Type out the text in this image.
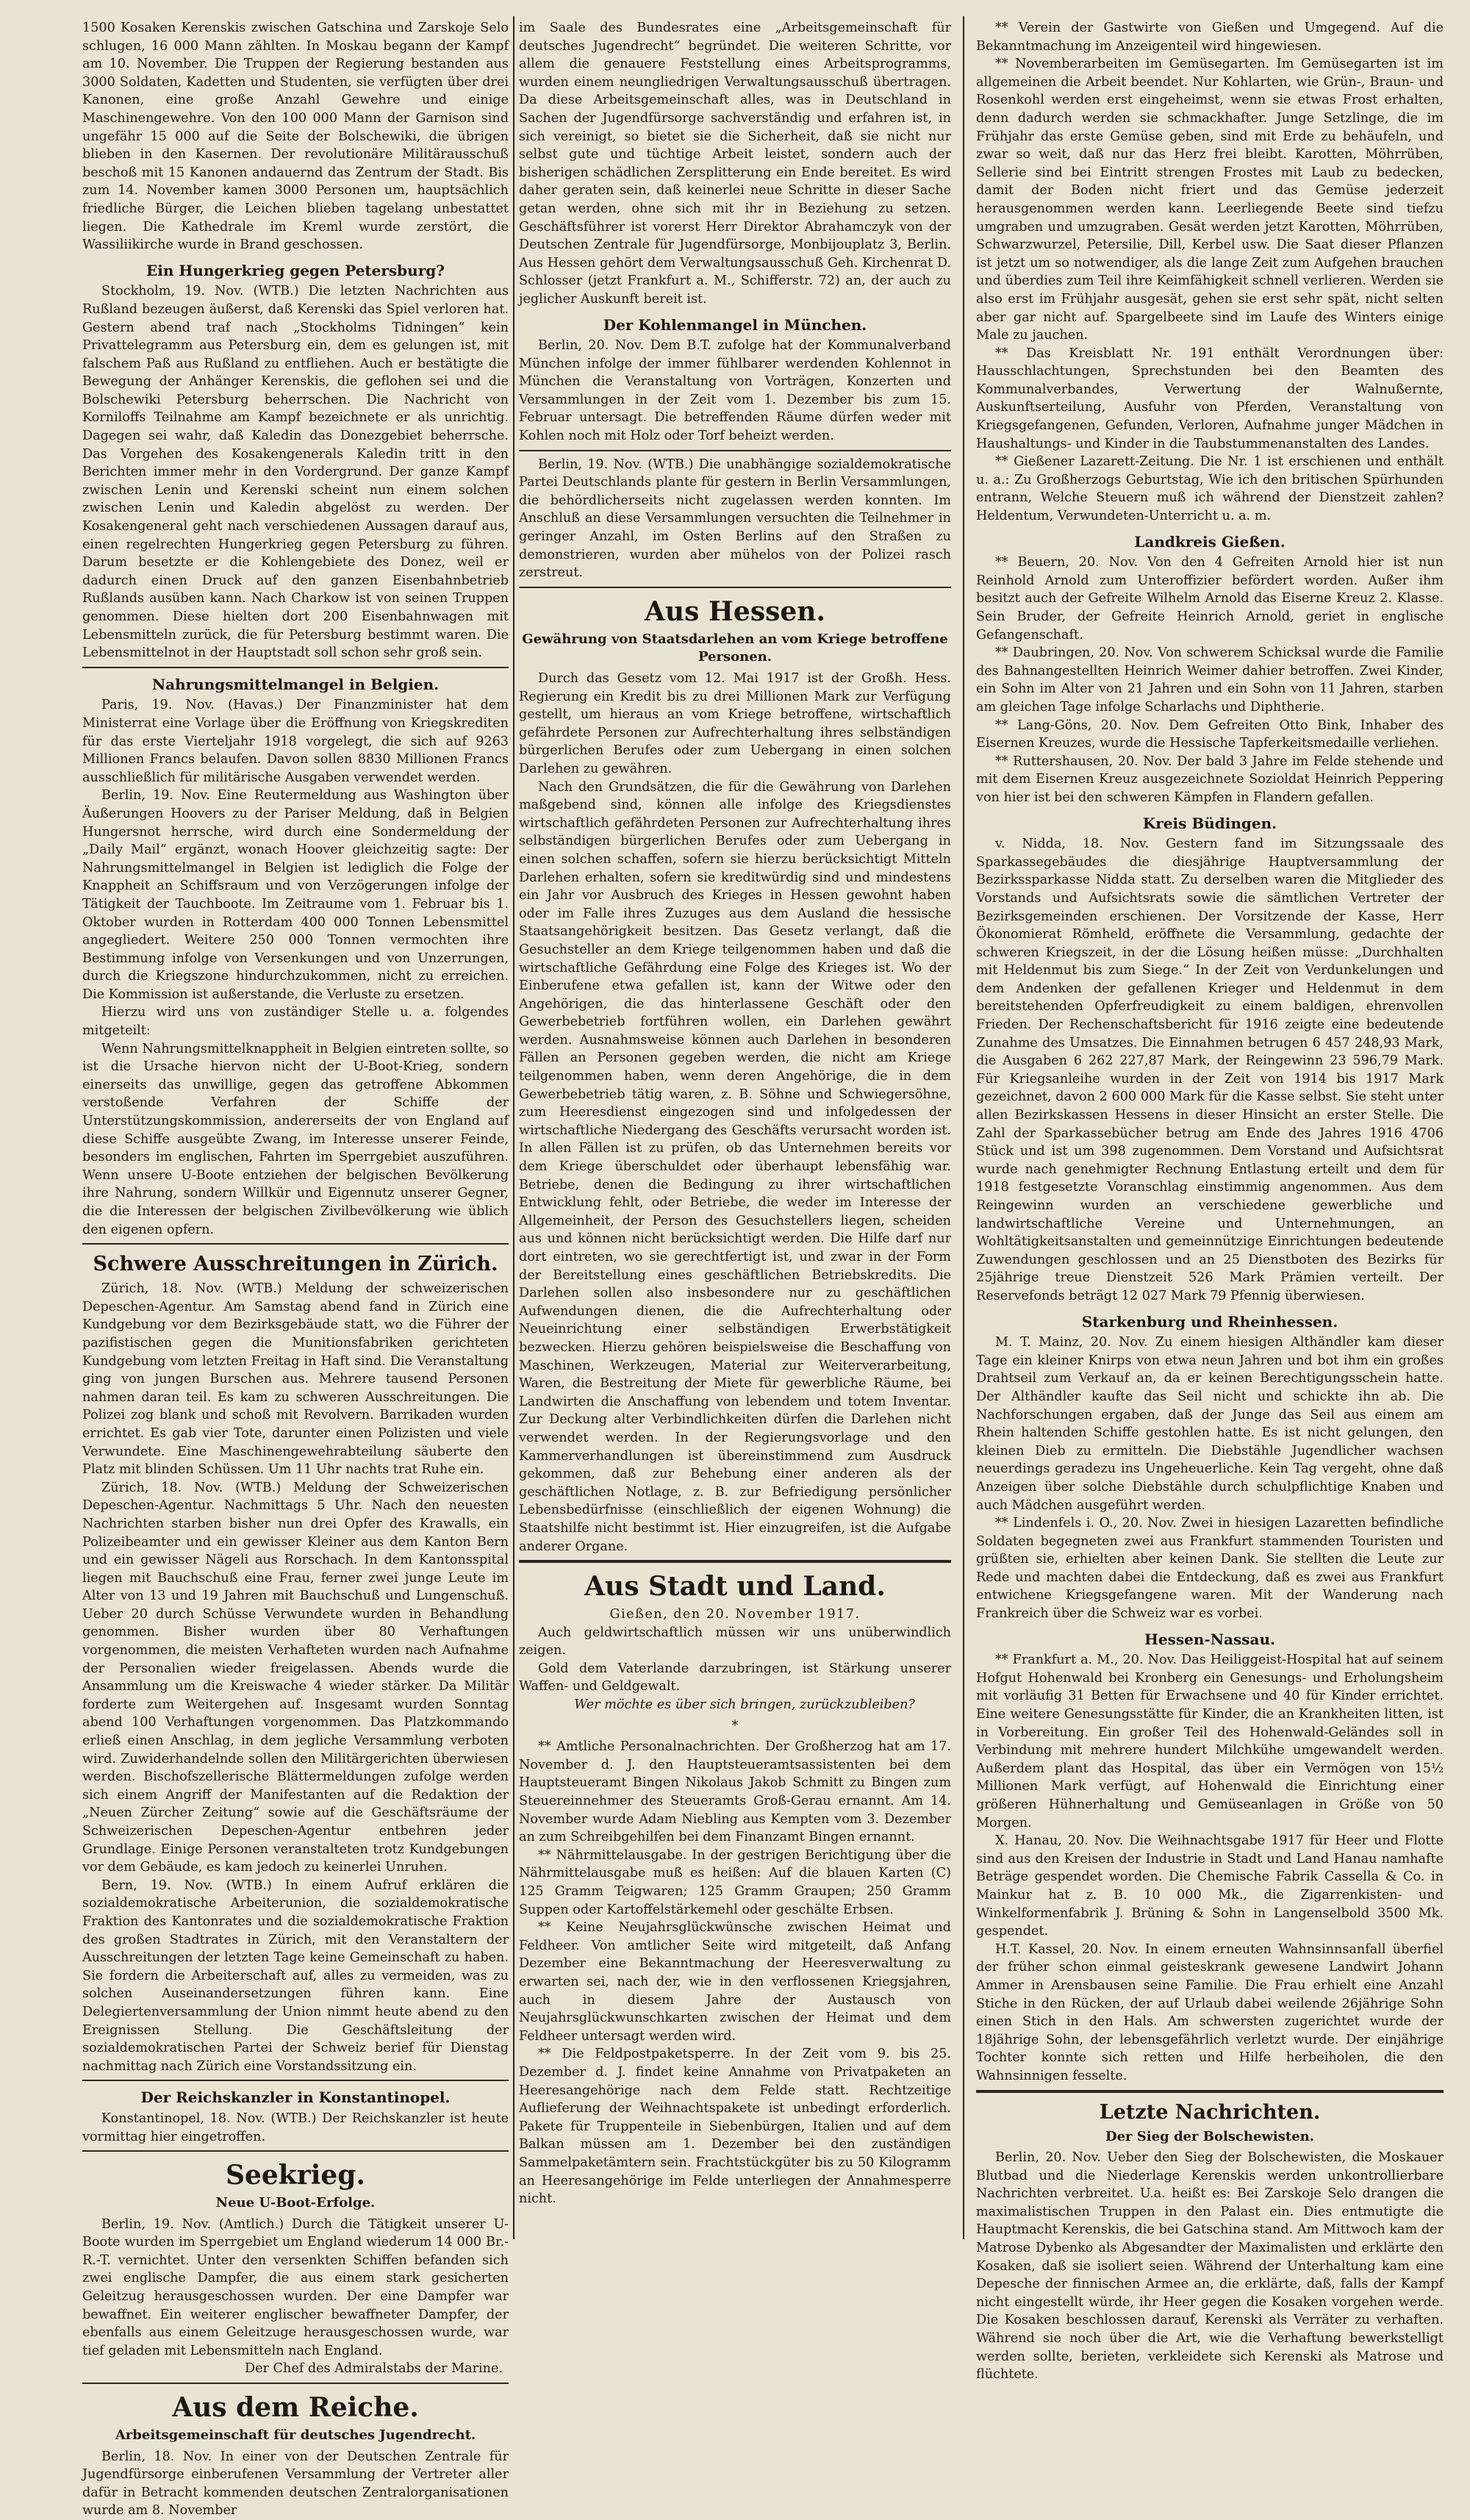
1500 Kosaken Kerenskis zwischen Gatschina und Zarskoje Selo schlugen, 16 000 Mann zählten. In Moskau begann der Kampf am 10. November. Die Truppen der Regierung bestanden aus 3000 Soldaten, Kadetten und Studenten, sie verfügten über drei Kanonen, eine große Anzahl Gewehre und einige Maschinengewehre. Von den 100 000 Mann der Garnison sind ungefähr 15 000 auf die Seite der Bolschewiki, die übrigen blieben in den Kasernen. Der revolutionäre Militärausschuß beschoß mit 15 Kanonen andauernd das Zentrum der Stadt. Bis zum 14. November kamen 3000 Personen um, hauptsächlich friedliche Bürger, die Leichen blieben tagelang unbestattet liegen. Die Kathedrale im Kreml wurde zerstört, die Wassiliikirche wurde in Brand geschossen.

Ein Hungerkrieg gegen Petersburg?

Stockholm, 19. Nov. (WTB.) Die letzten Nachrichten aus Rußland bezeugen äußerst, daß Kerenski das Spiel verloren hat. Gestern abend traf nach „Stockholms Tidningen“ kein Privattelegramm aus Petersburg ein, dem es gelungen ist, mit falschem Paß aus Rußland zu entfliehen. Auch er bestätigte die Bewegung der Anhänger Kerenskis, die geflohen sei und die Bolschewiki Petersburg beherrschen. Die Nachricht von Korniloffs Teilnahme am Kampf bezeichnete er als unrichtig. Dagegen sei wahr, daß Kaledin das Donezgebiet beherrsche. Das Vorgehen des Kosakengenerals Kaledin tritt in den Berichten immer mehr in den Vordergrund. Der ganze Kampf zwischen Lenin und Kerenski scheint nun einem solchen zwischen Lenin und Kaledin abgelöst zu werden. Der Kosakengeneral geht nach verschiedenen Aussagen darauf aus, einen regelrechten Hungerkrieg gegen Petersburg zu führen. Darum besetzte er die Kohlengebiete des Donez, weil er dadurch einen Druck auf den ganzen Eisenbahnbetrieb Rußlands ausüben kann. Nach Charkow ist von seinen Truppen genommen. Diese hielten dort 200 Eisenbahnwagen mit Lebensmitteln zurück, die für Petersburg bestimmt waren. Die Lebensmittelnot in der Hauptstadt soll schon sehr groß sein.

Nahrungsmittelmangel in Belgien.

Paris, 19. Nov. (Havas.) Der Finanzminister hat dem Ministerrat eine Vorlage über die Eröffnung von Kriegskrediten für das erste Vierteljahr 1918 vorgelegt, die sich auf 9263 Millionen Francs belaufen. Davon sollen 8830 Millionen Francs ausschließlich für militärische Ausgaben verwendet werden.

Berlin, 19. Nov. Eine Reutermeldung aus Washington über Äußerungen Hoovers zu der Pariser Meldung, daß in Belgien Hungersnot herrsche, wird durch eine Sondermeldung der „Daily Mail“ ergänzt, wonach Hoover gleichzeitig sagte: Der Nahrungsmittelmangel in Belgien ist lediglich die Folge der Knappheit an Schiffsraum und von Verzögerungen infolge der Tätigkeit der Tauchboote. Im Zeitraume vom 1. Februar bis 1. Oktober wurden in Rotterdam 400 000 Tonnen Lebensmittel angegliedert. Weitere 250 000 Tonnen vermochten ihre Bestimmung infolge von Versenkungen und von Unzerrungen, durch die Kriegszone hindurchzukommen, nicht zu erreichen. Die Kommission ist außerstande, die Verluste zu ersetzen.

Hierzu wird uns von zuständiger Stelle u. a. folgendes mitgeteilt:

Wenn Nahrungsmittelknappheit in Belgien eintreten sollte, so ist die Ursache hiervon nicht der U-Boot-Krieg, sondern einerseits das unwillige, gegen das getroffene Abkommen verstoßende Verfahren der Schiffe der Unterstützungskommission, andererseits der von England auf diese Schiffe ausgeübte Zwang, im Interesse unserer Feinde, besonders im englischen, Fahrten im Sperrgebiet auszuführen. Wenn unsere U-Boote entziehen der belgischen Bevölkerung ihre Nahrung, sondern Willkür und Eigennutz unserer Gegner, die die Interessen der belgischen Zivilbevölkerung wie üblich den eigenen opfern.

Schwere Ausschreitungen in Zürich.

Zürich, 18. Nov. (WTB.) Meldung der schweizerischen Depeschen-Agentur. Am Samstag abend fand in Zürich eine Kundgebung vor dem Bezirksgebäude statt, wo die Führer der pazifistischen gegen die Munitionsfabriken gerichteten Kundgebung vom letzten Freitag in Haft sind. Die Veranstaltung ging von jungen Burschen aus. Mehrere tausend Personen nahmen daran teil. Es kam zu schweren Ausschreitungen. Die Polizei zog blank und schoß mit Revolvern. Barrikaden wurden errichtet. Es gab vier Tote, darunter einen Polizisten und viele Verwundete. Eine Maschinengewehrabteilung säuberte den Platz mit blinden Schüssen. Um 11 Uhr nachts trat Ruhe ein.

Zürich, 18. Nov. (WTB.) Meldung der Schweizerischen Depeschen-Agentur. Nachmittags 5 Uhr. Nach den neuesten Nachrichten starben bisher nun drei Opfer des Krawalls, ein Polizeibeamter und ein gewisser Kleiner aus dem Kanton Bern und ein gewisser Nägeli aus Rorschach. In dem Kantonsspital liegen mit Bauchschuß eine Frau, ferner zwei junge Leute im Alter von 13 und 19 Jahren mit Bauchschuß und Lungenschuß. Ueber 20 durch Schüsse Verwundete wurden in Behandlung genommen. Bisher wurden über 80 Verhaftungen vorgenommen, die meisten Verhafteten wurden nach Aufnahme der Personalien wieder freigelassen. Abends wurde die Ansammlung um die Kreiswache 4 wieder stärker. Da Militär forderte zum Weitergehen auf. Insgesamt wurden Sonntag abend 100 Verhaftungen vorgenommen. Das Platzkommando erließ einen Anschlag, in dem jegliche Versammlung verboten wird. Zuwiderhandelnde sollen den Militärgerichten überwiesen werden. Bischofszellerische Blättermeldungen zufolge werden sich einem Angriff der Manifestanten auf die Redaktion der „Neuen Zürcher Zeitung“ sowie auf die Geschäftsräume der Schweizerischen Depeschen-Agentur entbehren jeder Grundlage. Einige Personen veranstalteten trotz Kundgebungen vor dem Gebäude, es kam jedoch zu keinerlei Unruhen.

Bern, 19. Nov. (WTB.) In einem Aufruf erklären die sozialdemokratische Arbeiterunion, die sozialdemokratische Fraktion des Kantonrates und die sozialdemokratische Fraktion des großen Stadtrates in Zürich, mit den Veranstaltern der Ausschreitungen der letzten Tage keine Gemeinschaft zu haben. Sie fordern die Arbeiterschaft auf, alles zu vermeiden, was zu solchen Auseinandersetzungen führen kann. Eine Delegiertenversammlung der Union nimmt heute abend zu den Ereignissen Stellung. Die Geschäftsleitung der sozialdemokratischen Partei der Schweiz berief für Dienstag nachmittag nach Zürich eine Vorstandssitzung ein.

Der Reichskanzler in Konstantinopel.

Konstantinopel, 18. Nov. (WTB.) Der Reichskanzler ist heute vormittag hier eingetroffen.

Seekrieg.
Neue U-Boot-Erfolge.

Berlin, 19. Nov. (Amtlich.) Durch die Tätigkeit unserer U-Boote wurden im Sperrgebiet um England wiederum 14 000 Br.-R.-T. vernichtet. Unter den versenkten Schiffen befanden sich zwei englische Dampfer, die aus einem stark gesicherten Geleitzug herausgeschossen wurden. Der eine Dampfer war bewaffnet. Ein weiterer englischer bewaffneter Dampfer, der ebenfalls aus einem Geleitzuge herausgeschossen wurde, war tief geladen mit Lebensmitteln nach England.

Der Chef des Admiralstabs der Marine.
Aus dem Reiche.
Arbeitsgemeinschaft für deutsches Jugendrecht.

Berlin, 18. Nov. In einer von der Deutschen Zentrale für Jugendfürsorge einberufenen Versammlung der Vertreter aller dafür in Betracht kommenden deutschen Zentralorganisationen wurde am 8. November

im Saale des Bundesrates eine „Arbeitsgemeinschaft für deutsches Jugendrecht“ begründet. Die weiteren Schritte, vor allem die genauere Feststellung eines Arbeitsprogramms, wurden einem neungliedrigen Verwaltungsausschuß übertragen. Da diese Arbeitsgemeinschaft alles, was in Deutschland in Sachen der Jugendfürsorge sachverständig und erfahren ist, in sich vereinigt, so bietet sie die Sicherheit, daß sie nicht nur selbst gute und tüchtige Arbeit leistet, sondern auch der bisherigen schädlichen Zersplitterung ein Ende bereitet. Es wird daher geraten sein, daß keinerlei neue Schritte in dieser Sache getan werden, ohne sich mit ihr in Beziehung zu setzen. Geschäftsführer ist vorerst Herr Direktor Abrahamczyk von der Deutschen Zentrale für Jugendfürsorge, Monbijouplatz 3, Berlin. Aus Hessen gehört dem Verwaltungsausschuß Geh. Kirchenrat D. Schlosser (jetzt Frankfurt a. M., Schifferstr. 72) an, der auch zu jeglicher Auskunft bereit ist.

Der Kohlenmangel in München.

Berlin, 20. Nov. Dem B.T. zufolge hat der Kommunalverband München infolge der immer fühlbarer werdenden Kohlennot in München die Veranstaltung von Vorträgen, Konzerten und Versammlungen in der Zeit vom 1. Dezember bis zum 15. Februar untersagt. Die betreffenden Räume dürfen weder mit Kohlen noch mit Holz oder Torf beheizt werden.

Berlin, 19. Nov. (WTB.) Die unabhängige sozialdemokratische Partei Deutschlands plante für gestern in Berlin Versammlungen, die behördlicherseits nicht zugelassen werden konnten. Im Anschluß an diese Versammlungen versuchten die Teilnehmer in geringer Anzahl, im Osten Berlins auf den Straßen zu demonstrieren, wurden aber mühelos von der Polizei rasch zerstreut.

Aus Hessen.
Gewährung von Staatsdarlehen an vom Kriege betroffene Personen.

Durch das Gesetz vom 12. Mai 1917 ist der Großh. Hess. Regierung ein Kredit bis zu drei Millionen Mark zur Verfügung gestellt, um hieraus an vom Kriege betroffene, wirtschaftlich gefährdete Personen zur Aufrechterhaltung ihres selbständigen bürgerlichen Berufes oder zum Uebergang in einen solchen Darlehen zu gewähren.

Nach den Grundsätzen, die für die Gewährung von Darlehen maßgebend sind, können alle infolge des Kriegsdienstes wirtschaftlich gefährdeten Personen zur Aufrechterhaltung ihres selbständigen bürgerlichen Berufes oder zum Uebergang in einen solchen schaffen, sofern sie hierzu berücksichtigt Mitteln Darlehen erhalten, sofern sie kreditwürdig sind und mindestens ein Jahr vor Ausbruch des Krieges in Hessen gewohnt haben oder im Falle ihres Zuzuges aus dem Ausland die hessische Staatsangehörigkeit besitzen. Das Gesetz verlangt, daß die Gesuchsteller an dem Kriege teilgenommen haben und daß die wirtschaftliche Gefährdung eine Folge des Krieges ist. Wo der Einberufene etwa gefallen ist, kann der Witwe oder den Angehörigen, die das hinterlassene Geschäft oder den Gewerbebetrieb fortführen wollen, ein Darlehen gewährt werden. Ausnahmsweise können auch Darlehen in besonderen Fällen an Personen gegeben werden, die nicht am Kriege teilgenommen haben, wenn deren Angehörige, die in dem Gewerbebetrieb tätig waren, z. B. Söhne und Schwiegersöhne, zum Heeresdienst eingezogen sind und infolgedessen der wirtschaftliche Niedergang des Geschäfts verursacht worden ist. In allen Fällen ist zu prüfen, ob das Unternehmen bereits vor dem Kriege überschuldet oder überhaupt lebensfähig war. Betriebe, denen die Bedingung zu ihrer wirtschaftlichen Entwicklung fehlt, oder Betriebe, die weder im Interesse der Allgemeinheit, der Person des Gesuchstellers liegen, scheiden aus und können nicht berücksichtigt werden. Die Hilfe darf nur dort eintreten, wo sie gerechtfertigt ist, und zwar in der Form der Bereitstellung eines geschäftlichen Betriebskredits. Die Darlehen sollen also insbesondere nur zu geschäftlichen Aufwendungen dienen, die die Aufrechterhaltung oder Neueinrichtung einer selbständigen Erwerbstätigkeit bezwecken. Hierzu gehören beispielsweise die Beschaffung von Maschinen, Werkzeugen, Material zur Weiterverarbeitung, Waren, die Bestreitung der Miete für gewerbliche Räume, bei Landwirten die Anschaffung von lebendem und totem Inventar. Zur Deckung alter Verbindlichkeiten dürfen die Darlehen nicht verwendet werden. In der Regierungsvorlage und den Kammerverhandlungen ist übereinstimmend zum Ausdruck gekommen, daß zur Behebung einer anderen als der geschäftlichen Notlage, z. B. zur Befriedigung persönlicher Lebensbedürfnisse (einschließlich der eigenen Wohnung) die Staatshilfe nicht bestimmt ist. Hier einzugreifen, ist die Aufgabe anderer Organe.

Aus Stadt und Land.
Gießen, den 20. November 1917.

Auch geldwirtschaftlich müssen wir uns unüberwindlich zeigen.

Gold dem Vaterlande darzubringen, ist Stärkung unserer Waffen- und Geldgewalt.

Wer möchte es über sich bringen, zurückzubleiben?

*

** Amtliche Personalnachrichten. Der Großherzog hat am 17. November d. J. den Hauptsteueramtsassistenten bei dem Hauptsteueramt Bingen Nikolaus Jakob Schmitt zu Bingen zum Steuereinnehmer des Steueramts Groß-Gerau ernannt. Am 14. November wurde Adam Niebling aus Kempten vom 3. Dezember an zum Schreibgehilfen bei dem Finanzamt Bingen ernannt.

** Nährmittelausgabe. In der gestrigen Berichtigung über die Nährmittelausgabe muß es heißen: Auf die blauen Karten (C) 125 Gramm Teigwaren; 125 Gramm Graupen; 250 Gramm Suppen oder Kartoffelstärkemehl oder geschälte Erbsen.

** Keine Neujahrsglückwünsche zwischen Heimat und Feldheer. Von amtlicher Seite wird mitgeteilt, daß Anfang Dezember eine Bekanntmachung der Heeresverwaltung zu erwarten sei, nach der, wie in den verflossenen Kriegsjahren, auch in diesem Jahre der Austausch von Neujahrsglückwunschkarten zwischen der Heimat und dem Feldheer untersagt werden wird.

** Die Feldpostpaketsperre. In der Zeit vom 9. bis 25. Dezember d. J. findet keine Annahme von Privatpaketen an Heeresangehörige nach dem Felde statt. Rechtzeitige Auflieferung der Weihnachtspakete ist unbedingt erforderlich. Pakete für Truppenteile in Siebenbürgen, Italien und auf dem Balkan müssen am 1. Dezember bei den zuständigen Sammelpaketämtern sein. Frachtstückgüter bis zu 50 Kilogramm an Heeresangehörige im Felde unterliegen der Annahmesperre nicht.

** Verein der Gastwirte von Gießen und Umgegend. Auf die Bekanntmachung im Anzeigenteil wird hingewiesen.

** Novemberarbeiten im Gemüsegarten. Im Gemüsegarten ist im allgemeinen die Arbeit beendet. Nur Kohlarten, wie Grün-, Braun- und Rosenkohl werden erst eingeheimst, wenn sie etwas Frost erhalten, denn dadurch werden sie schmackhafter. Junge Setzlinge, die im Frühjahr das erste Gemüse geben, sind mit Erde zu behäufeln, und zwar so weit, daß nur das Herz frei bleibt. Karotten, Möhrrüben, Sellerie sind bei Eintritt strengen Frostes mit Laub zu bedecken, damit der Boden nicht friert und das Gemüse jederzeit herausgenommen werden kann. Leerliegende Beete sind tiefzu umgraben und umzugraben. Gesät werden jetzt Karotten, Möhrrüben, Schwarzwurzel, Petersilie, Dill, Kerbel usw. Die Saat dieser Pflanzen ist jetzt um so notwendiger, als die lange Zeit zum Aufgehen brauchen und überdies zum Teil ihre Keimfähigkeit schnell verlieren. Werden sie also erst im Frühjahr ausgesät, gehen sie erst sehr spät, nicht selten aber gar nicht auf. Spargelbeete sind im Laufe des Winters einige Male zu jauchen.

** Das Kreisblatt Nr. 191 enthält Verordnungen über: Hausschlachtungen, Sprechstunden bei den Beamten des Kommunalverbandes, Verwertung der Walnußernte, Auskunftserteilung, Ausfuhr von Pferden, Veranstaltung von Kriegsgefangenen, Gefunden, Verloren, Aufnahme junger Mädchen in Haushaltungs- und Kinder in die Taubstummenanstalten des Landes.

** Gießener Lazarett-Zeitung. Die Nr. 1 ist erschienen und enthält u. a.: Zu Großherzogs Geburtstag, Wie ich den britischen Spürhunden entrann, Welche Steuern muß ich während der Dienstzeit zahlen? Heldentum, Verwundeten-Unterricht u. a. m.

Landkreis Gießen.

** Beuern, 20. Nov. Von den 4 Gefreiten Arnold hier ist nun Reinhold Arnold zum Unteroffizier befördert worden. Außer ihm besitzt auch der Gefreite Wilhelm Arnold das Eiserne Kreuz 2. Klasse. Sein Bruder, der Gefreite Heinrich Arnold, geriet in englische Gefangenschaft.

** Daubringen, 20. Nov. Von schwerem Schicksal wurde die Familie des Bahnangestellten Heinrich Weimer dahier betroffen. Zwei Kinder, ein Sohn im Alter von 21 Jahren und ein Sohn von 11 Jahren, starben am gleichen Tage infolge Scharlachs und Diphtherie.

** Lang-Göns, 20. Nov. Dem Gefreiten Otto Bink, Inhaber des Eisernen Kreuzes, wurde die Hessische Tapferkeitsmedaille verliehen.

** Ruttershausen, 20. Nov. Der bald 3 Jahre im Felde stehende und mit dem Eisernen Kreuz ausgezeichnete Sozioldat Heinrich Peppering von hier ist bei den schweren Kämpfen in Flandern gefallen.

Kreis Büdingen.

v. Nidda, 18. Nov. Gestern fand im Sitzungssaale des Sparkassegebäudes die diesjährige Hauptversammlung der Bezirkssparkasse Nidda statt. Zu derselben waren die Mitglieder des Vorstands und Aufsichtsrats sowie die sämtlichen Vertreter der Bezirksgemeinden erschienen. Der Vorsitzende der Kasse, Herr Ökonomierat Römheld, eröffnete die Versammlung, gedachte der schweren Kriegszeit, in der die Lösung heißen müsse: „Durchhalten mit Heldenmut bis zum Siege.“ In der Zeit von Verdunkelungen und dem Andenken der gefallenen Krieger und Heldenmut in dem bereitstehenden Opferfreudigkeit zu einem baldigen, ehrenvollen Frieden. Der Rechenschaftsbericht für 1916 zeigte eine bedeutende Zunahme des Umsatzes. Die Einnahmen betrugen 6 457 248,93 Mark, die Ausgaben 6 262 227,87 Mark, der Reingewinn 23 596,79 Mark. Für Kriegsanleihe wurden in der Zeit von 1914 bis 1917 Mark gezeichnet, davon 2 600 000 Mark für die Kasse selbst. Sie steht unter allen Bezirkskassen Hessens in dieser Hinsicht an erster Stelle. Die Zahl der Sparkassebücher betrug am Ende des Jahres 1916 4706 Stück und ist um 398 zugenommen. Dem Vorstand und Aufsichtsrat wurde nach genehmigter Rechnung Entlastung erteilt und dem für 1918 festgesetzte Voranschlag einstimmig angenommen. Aus dem Reingewinn wurden an verschiedene gewerbliche und landwirtschaftliche Vereine und Unternehmungen, an Wohltätigkeitsanstalten und gemeinnützige Einrichtungen bedeutende Zuwendungen geschlossen und an 25 Dienstboten des Bezirks für 25jährige treue Dienstzeit 526 Mark Prämien verteilt. Der Reservefonds beträgt 12 027 Mark 79 Pfennig überwiesen.

Starkenburg und Rheinhessen.

M. T. Mainz, 20. Nov. Zu einem hiesigen Althändler kam dieser Tage ein kleiner Knirps von etwa neun Jahren und bot ihm ein großes Drahtseil zum Verkauf an, da er keinen Berechtigungsschein hatte. Der Althändler kaufte das Seil nicht und schickte ihn ab. Die Nachforschungen ergaben, daß der Junge das Seil aus einem am Rhein haltenden Schiffe gestohlen hatte. Es ist nicht gelungen, den kleinen Dieb zu ermitteln. Die Diebstähle Jugendlicher wachsen neuerdings geradezu ins Ungeheuerliche. Kein Tag vergeht, ohne daß Anzeigen über solche Diebstähle durch schulpflichtige Knaben und auch Mädchen ausgeführt werden.

** Lindenfels i. O., 20. Nov. Zwei in hiesigen Lazaretten befindliche Soldaten begegneten zwei aus Frankfurt stammenden Touristen und grüßten sie, erhielten aber keinen Dank. Sie stellten die Leute zur Rede und machten dabei die Entdeckung, daß es zwei aus Frankfurt entwichene Kriegsgefangene waren. Mit der Wanderung nach Frankreich über die Schweiz war es vorbei.

Hessen-Nassau.

** Frankfurt a. M., 20. Nov. Das Heiliggeist-Hospital hat auf seinem Hofgut Hohenwald bei Kronberg ein Genesungs- und Erholungsheim mit vorläufig 31 Betten für Erwachsene und 40 für Kinder errichtet. Eine weitere Genesungsstätte für Kinder, die an Krankheiten litten, ist in Vorbereitung. Ein großer Teil des Hohenwald-Geländes soll in Verbindung mit mehrere hundert Milchkühe umgewandelt werden. Außerdem plant das Hospital, das über ein Vermögen von 15½ Millionen Mark verfügt, auf Hohenwald die Einrichtung einer größeren Hühnerhaltung und Gemüseanlagen in Größe von 50 Morgen.

X. Hanau, 20. Nov. Die Weihnachtsgabe 1917 für Heer und Flotte sind aus den Kreisen der Industrie in Stadt und Land Hanau namhafte Beträge gespendet worden. Die Chemische Fabrik Cassella & Co. in Mainkur hat z. B. 10 000 Mk., die Zigarrenkisten- und Winkelformenfabrik J. Brüning & Sohn in Langenselbold 3500 Mk. gespendet.

H.T. Kassel, 20. Nov. In einem erneuten Wahnsinnsanfall überfiel der früher schon einmal geisteskrank gewesene Landwirt Johann Ammer in Arensbausen seine Familie. Die Frau erhielt eine Anzahl Stiche in den Rücken, der auf Urlaub dabei weilende 26jährige Sohn einen Stich in den Hals. Am schwersten zugerichtet wurde der 18jährige Sohn, der lebensgefährlich verletzt wurde. Der einjährige Tochter konnte sich retten und Hilfe herbeiholen, die den Wahnsinnigen fesselte.

Letzte Nachrichten.
Der Sieg der Bolschewisten.

Berlin, 20. Nov. Ueber den Sieg der Bolschewisten, die Moskauer Blutbad und die Niederlage Kerenskis werden unkontrollierbare Nachrichten verbreitet. U.a. heißt es: Bei Zarskoje Selo drangen die maximalistischen Truppen in den Palast ein. Dies entmutigte die Hauptmacht Kerenskis, die bei Gatschina stand. Am Mittwoch kam der Matrose Dybenko als Abgesandter der Maximalisten und erklärte den Kosaken, daß sie isoliert seien. Während der Unterhaltung kam eine Depesche der finnischen Armee an, die erklärte, daß, falls der Kampf nicht eingestellt würde, ihr Heer gegen die Kosaken vorgehen werde. Die Kosaken beschlossen darauf, Kerenski als Verräter zu verhaften. Während sie noch über die Art, wie die Verhaftung bewerkstelligt werden sollte, berieten, verkleidete sich Kerenski als Matrose und flüchtete.
